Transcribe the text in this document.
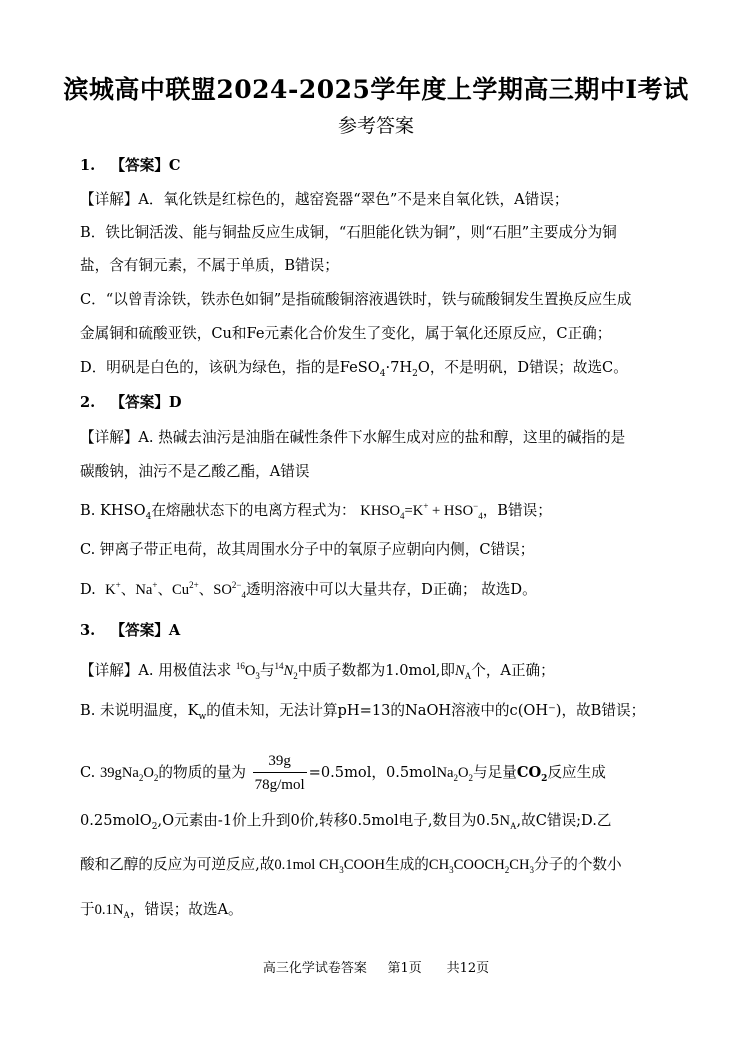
滨城高中联盟2024-2025学年度上学期高三期中Ⅰ考试
参考答案
1. 【答案】C
【详解】A．氧化铁是红棕色的，越窑瓷器“翠色”不是来自氧化铁，A错误；
B．铁比铜活泼、能与铜盐反应生成铜，“石胆能化铁为铜”，则“石胆”主要成分为铜
盐，含有铜元素，不属于单质，B错误；
C．“以曾青涂铁，铁赤色如铜”是指硫酸铜溶液遇铁时，铁与硫酸铜发生置换反应生成
金属铜和硫酸亚铁，Cu和Fe元素化合价发生了变化，属于氧化还原反应，C正确；
D．明矾是白色的，该矾为绿色，指的是$FeSO_4\cdot 7H_2O$，不是明矾，D错误；故选C。
2. 【答案】D
【详解】A. 热碱去油污是油脂在碱性条件下水解生成对应的盐和醇，这里的碱指的是
碳酸钠，油污不是乙酸乙酯，A错误
B. $KHSO_4$在熔融状态下的电离方程式为： $KHSO_4=K^+ + HSO^-_4$，B错误；
C. 钾离子带正电荷，故其周围水分子中的氧原子应朝向内侧，C错误；
D.  K+、Na+、$Cu^{2+}$、$SO^{2-}_4$透明溶液中可以大量共存，D正确； 故选D。
3. 【答案】A
【详解】A. 用极值法求 $^{16}O_3$与$^{14}N_2$中质子数都为1.0mol,即$N_A$个，A正确；
B. 未说明温度，$K_w$的值未知，无法计算pH=13的NaOH溶液中的c(OH⁻)，故B错误；
C. $39gNa_2O_2$的物质的量为 $\frac{39g}{\text{78g/mol}} =0.5mol$，$0.5molNa_2O_2$与足量$CO_2$反应生成
0.25molO$_2$,O元素由-1价上升到0价,转移0.5mol电子,数目为$0.5N_A$,故C错误;D.乙
酸和乙醇的反应为可逆反应,故0.1mol $CH_3COOH$生成的$CH_3COOCH_2CH_3$分子的个数小
于$0.1N_A$，错误；故选A。
高三化学试卷答案     第1页      共12页
